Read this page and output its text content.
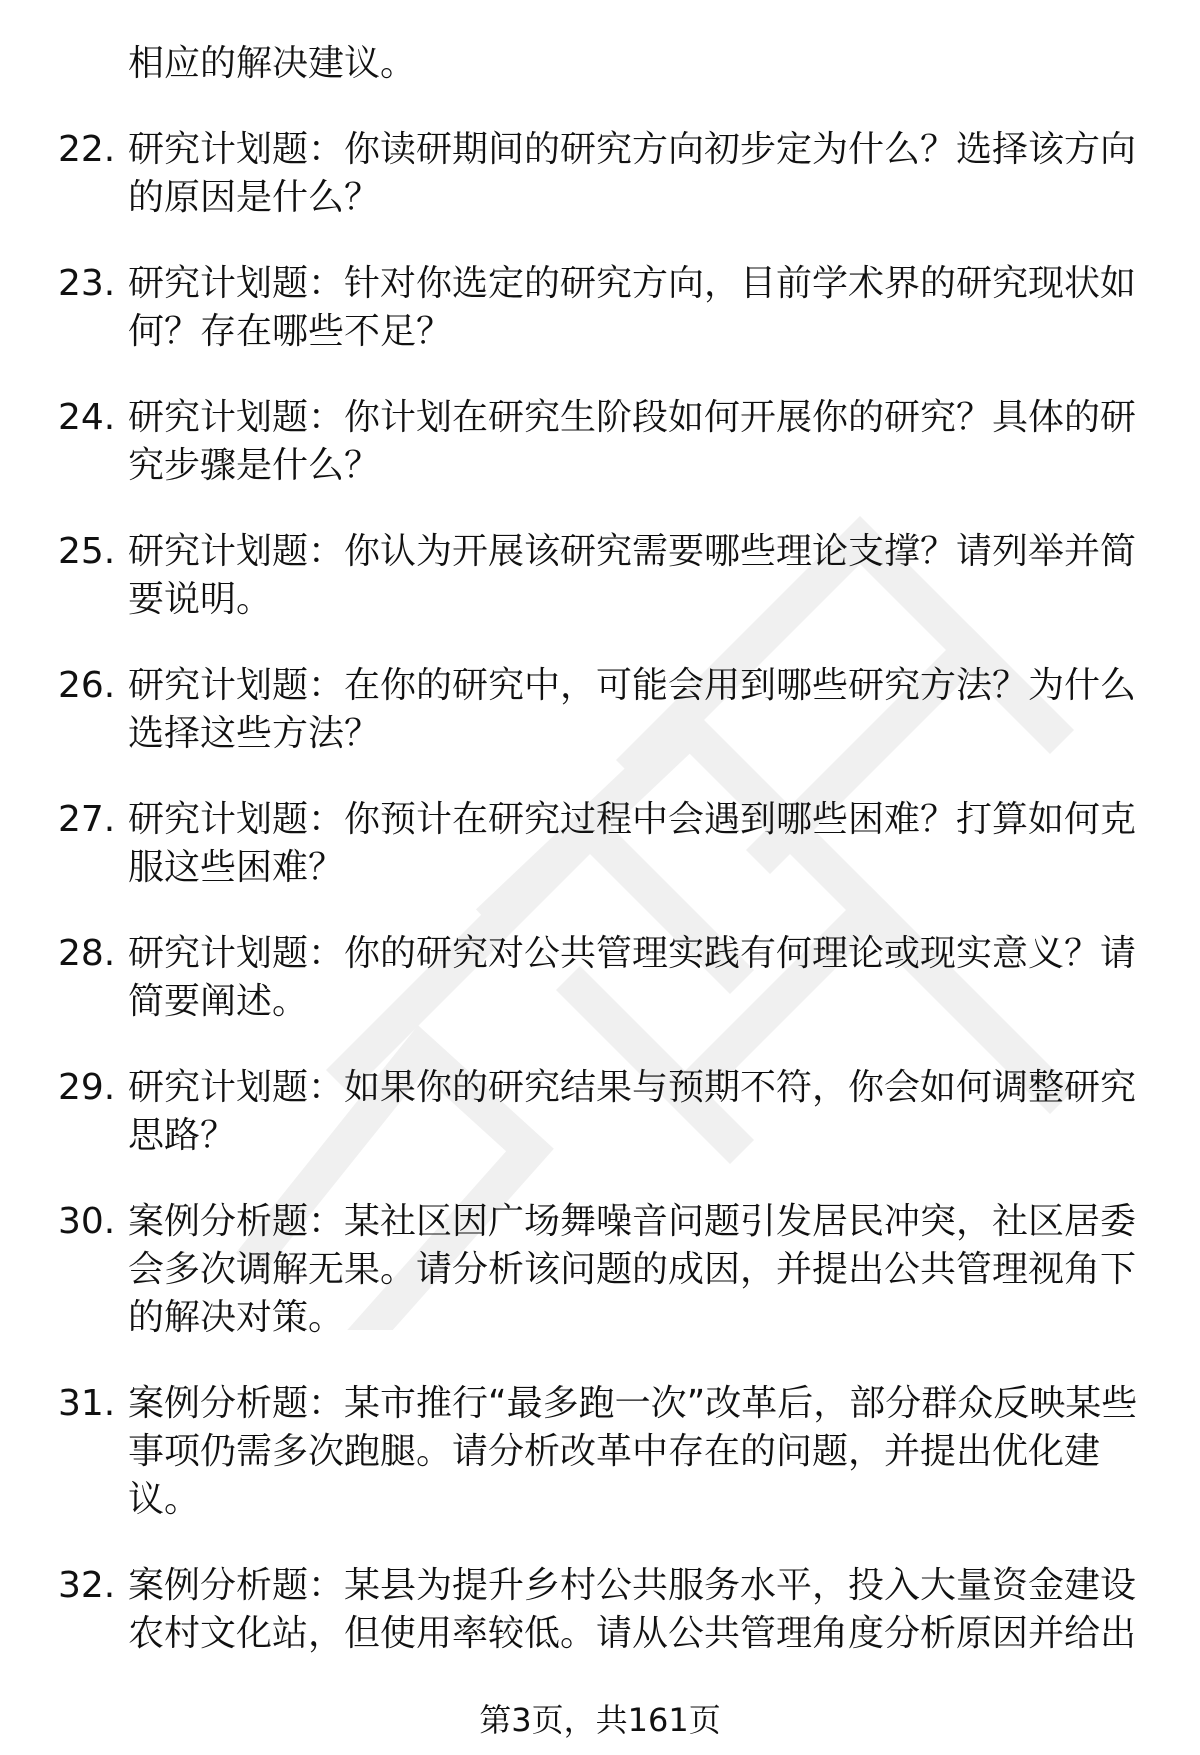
相应的解决建议。
22. 研究计划题：你读研期间的研究方向初步定为什么？选择该方向的原因是什么？
23. 研究计划题：针对你选定的研究方向，目前学术界的研究现状如何？存在哪些不足？
24. 研究计划题：你计划在研究生阶段如何开展你的研究？具体的研究步骤是什么？
25. 研究计划题：你认为开展该研究需要哪些理论支撑？请列举并简要说明。
26. 研究计划题：在你的研究中，可能会用到哪些研究方法？为什么选择这些方法？
27. 研究计划题：你预计在研究过程中会遇到哪些困难？打算如何克服这些困难？
28. 研究计划题：你的研究对公共管理实践有何理论或现实意义？请简要阐述。
29. 研究计划题：如果你的研究结果与预期不符，你会如何调整研究思路？
30. 案例分析题：某社区因广场舞噪音问题引发居民冲突，社区居委会多次调解无果。请分析该问题的成因，并提出公共管理视角下的解决对策。
31. 案例分析题：某市推行“最多跑一次”改革后，部分群众反映某些事项仍需多次跑腿。请分析改革中存在的问题，并提出优化建议。
32. 案例分析题：某县为提升乡村公共服务水平，投入大量资金建设农村文化站，但使用率较低。请从公共管理角度分析原因并给出
第3页，共161页
